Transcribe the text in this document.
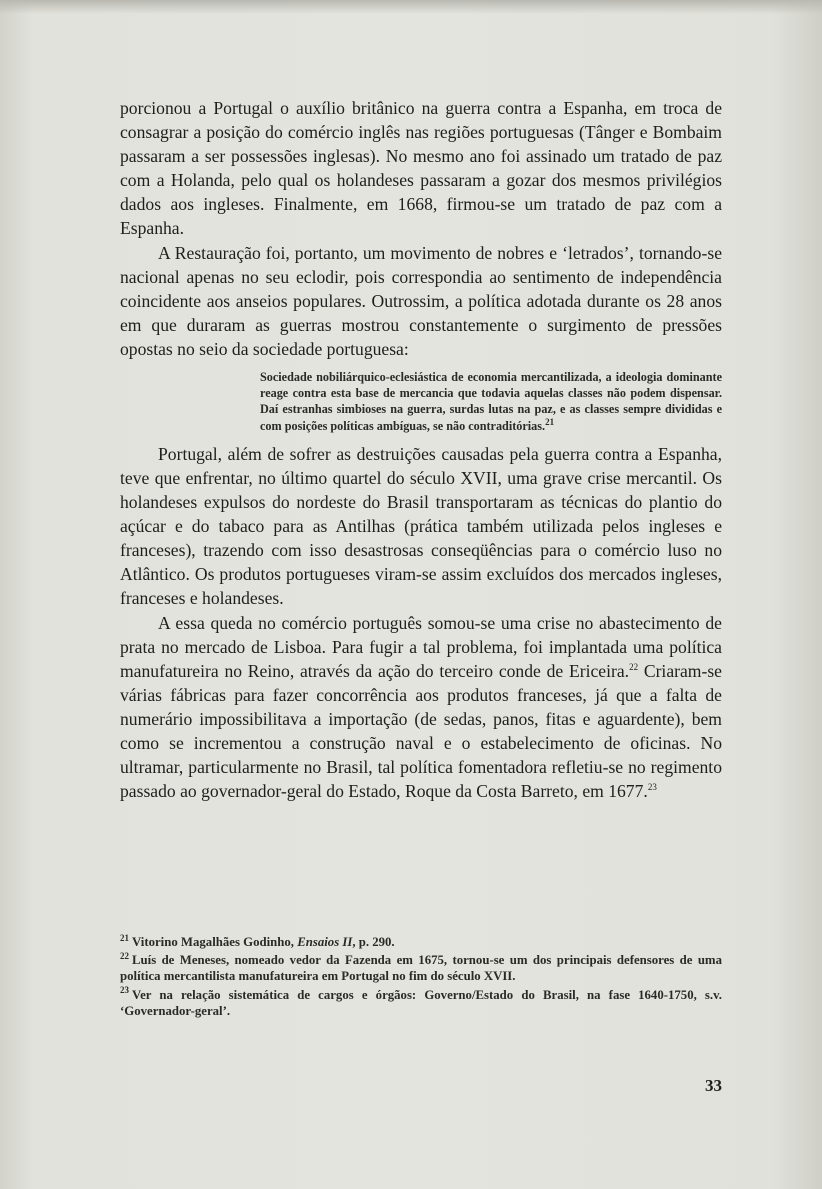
porcionou a Portugal o auxílio britânico na guerra contra a Espanha, em troca de consagrar a posição do comércio inglês nas regiões portuguesas (Tânger e Bombaim passaram a ser possessões inglesas). No mesmo ano foi assinado um tratado de paz com a Holanda, pelo qual os holandeses passaram a gozar dos mesmos privilégios dados aos ingleses. Finalmente, em 1668, firmou-se um tratado de paz com a Espanha.

A Restauração foi, portanto, um movimento de nobres e ‘letrados’, tornando-se nacional apenas no seu eclodir, pois correspondia ao sentimento de independência coincidente aos anseios populares. Outrossim, a política adotada durante os 28 anos em que duraram as guerras mostrou constantemente o surgimento de pressões opostas no seio da sociedade portuguesa:

Sociedade nobiliárquico-eclesiástica de economia mercantilizada, a ideologia dominante reage contra esta base de mercancia que todavia aquelas classes não podem dispensar. Daí estranhas simbioses na guerra, surdas lutas na paz, e as classes sempre divididas e com posições políticas ambíguas, se não contraditórias.$^{21}$

Portugal, além de sofrer as destruições causadas pela guerra contra a Espanha, teve que enfrentar, no último quartel do século XVII, uma grave crise mercantil. Os holandeses expulsos do nordeste do Brasil transportaram as técnicas do plantio do açúcar e do tabaco para as Antilhas (prática também utilizada pelos ingleses e franceses), trazendo com isso desastrosas conseqüências para o comércio luso no Atlântico. Os produtos portugueses viram-se assim excluídos dos mercados ingleses, franceses e holandeses.

A essa queda no comércio português somou-se uma crise no abastecimento de prata no mercado de Lisboa. Para fugir a tal problema, foi implantada uma política manufatureira no Reino, através da ação do terceiro conde de Ericeira.$^{22}$ Criaram-se várias fábricas para fazer concorrência aos produtos franceses, já que a falta de numerário impossibilitava a importação (de sedas, panos, fitas e aguardente), bem como se incrementou a construção naval e o estabelecimento de oficinas. No ultramar, particularmente no Brasil, tal política fomentadora refletiu-se no regimento passado ao governador-geral do Estado, Roque da Costa Barreto, em 1677.23

$^{21}$ Vitorino Magalhães Godinho, Ensaios II, p. 290.

$^{22}$ Luís de Meneses, nomeado vedor da Fazenda em 1675, tornou-se um dos principais defensores de uma política mercantilista manufatureira em Portugal no fim do século XVII.

$^{23}$ Ver na relação sistemática de cargos e órgãos: Governo/Estado do Brasil, na fase 1640-1750, s.v. ‘Governador-geral’.

33
